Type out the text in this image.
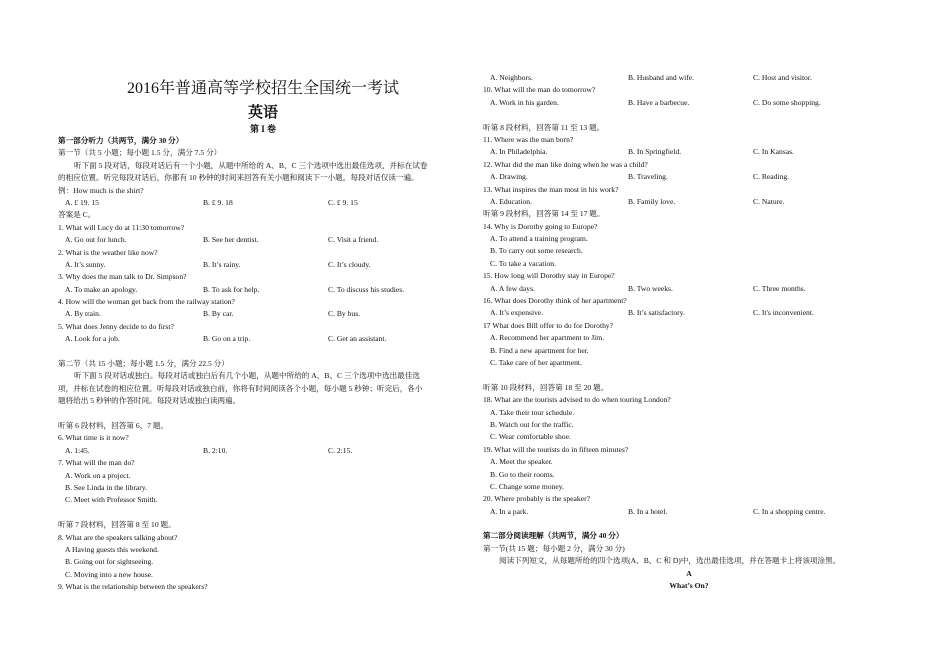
2016年普通高等学校招生全国统一考试
英语
第 I 卷
第一部分听力（共两节，满分 30 分）
第一节（共 5 小题；每小题 1.5 分，满分 7.5 分）
听下面 5 段对话，每段对话后有一个小题，从题中所给的 A、B、C 三个选项中选出最佳选项，并标在试卷
的相应位置。听完每段对话后，你都有 10 秒钟的时间来回答有关小题和阅读下一小题。每段对话仅读一遍。
例：How much is the shirt?
A. £ 19. 15	B. £ 9. 18	C. £ 9. 15
答案是 C。
1. What will Lucy do at 11:30 tomorrow?
A. Go out for lunch.	B. See her dentist.	C. Visit a friend.
2. What is the weather like now?
A. It’s sunny.	B. It’s rainy.	C. It’s cloudy.
3. Why does the man talk to Dr. Simpson?
A. To make an apology.	B. To ask for help.	C. To discuss his studies.
4. How will the woman get back from the railway station?
A. By train.	B. By car.	C. By bus.
5. What does Jenny decide to do first?
A. Look for a job.	B. Go on a trip.	C. Get an assistant.
第二节（共 15 小题；每小题 1.5 分，满分 22.5 分）
听下面 5 段对话或独白。每段对话或独白后有几个小题，从题中所给的 A、B、C 三个选项中选出最佳选
项，并标在试卷的相应位置。听每段对话或独白前，你将有时间阅读各个小题，每小题 5 秒钟；听完后，各小
题将给出 5 秒钟的作答时间。每段对话或独白读两遍。
听第 6 段材料，回答第 6、7 题。
6. What time is it now?
A. 1:45.	B. 2:10.	C. 2:15.
7. What will the man do?
A. Work on a project.
B. See Linda in the library.
C. Meet with Professor Smith.
听第 7 段材料，回答第 8 至 10 题。
8. What are the speakers talking about?
A Having guests this weekend.
B. Going out for sightseeing.
C. Moving into a new house.
9. What is the relationship between the speakers?
A. Neighbors.	B. Husband and wife.	C. Host and visitor.
10. What will the man do tomorrow?
A. Work in his garden.	B. Have a barbecue.	C. Do some shopping.
听第 8 段材料，回答第 11 至 13 题。
11. Where was the man born?
A. In Philadelphia.	B. In Springfield.	C. In Kansas.
12. What did the man like doing when he was a child?
A. Drawing.	B. Traveling.	C. Reading.
13. What inspires the man most in his work?
A. Education.	B. Family love.	C. Nature.
听第 9 段材料，回答第 14 至 17 题。
14. Why is Dorothy going to Europe?
A. To attend a training program.
B. To carry out some research.
C. To take a vacation.
15. How long will Dorothy stay in Europe?
A. A few days.	B. Two weeks.	C. Three months.
16. What does Dorothy think of her apartment?
A. It’s expensive.	B. It’s satisfactory.	C. It's inconvenient.
17 What does Bill offer to do for Dorothy?
A. Recommend her apartment to Jim.
B. Find a new apartment for her.
C. Take care of her apartment.
听第 10 段材料，回答第 18 至 20 题。
18. What are the tourists advised to do when touring London?
A. Take their tour schedule.
B. Watch out for the traffic.
C. Wear comfortable shoe.
19. What will the tourists do in fifteen minutes?
A. Meet the speaker.
B. Go to their rooms.
C. Change some money.
20. Where probably is the speaker?
A. In a park.	B. In a hotel.	C. In a shopping centre.
第二部分阅读理解（共两节，满分 40 分）
第一节(共 15 题；每小题 2 分，满分 30 分)
阅读下列短文，从每题所给的四个选项(A、B、C 和 D)中，选出最佳选项，并在答题卡上将该项涂黑。
A
What’s On?
